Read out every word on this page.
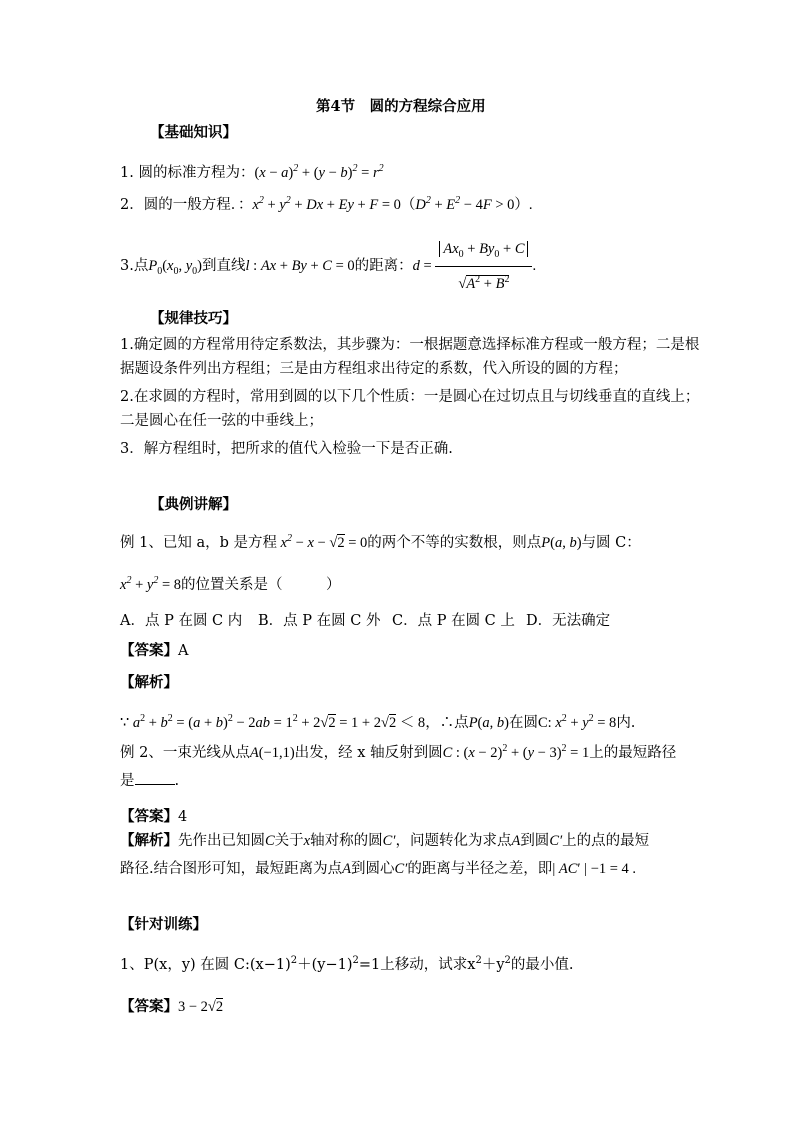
第4节　圆的方程综合应用
【基础知识】
1. 圆的标准方程为：$(x - a)^2 + (y - b)^2 = r^2$
2．圆的一般方程．：$x^2 + y^2 + Dx + Ey + F = 0(D^2 + E^2 - 4F > 0)$.
3.点$P_0(x_0$, $y_0$)到直线l : Ax + By + C = 0的距离：$d = \frac{Ax_0 + By_0 + C}{√A^2 + B^2}$ .
【规律技巧】
1.确定圆的方程常用待定系数法，其步骤为：一根据题意选择标准方程或一般方程；二是根
据题设条件列出方程组；三是由方程组求出待定的系数，代入所设的圆的方程；
2.在求圆的方程时，常用到圆的以下几个性质：一是圆心在过切点且与切线垂直的直线上；
二是圆心在任一弦的中垂线上；
3．解方程组时，把所求的值代入检验一下是否正确.
【典例讲解】
例 1、已知 a，b 是方程 $x^2 - x - √2 = 0$的两个不等的实数根，则点P(a, b)与圆 C：
$x^2 + y^2 = 8$的位置关系是（　　　）
A．点 P 在圆 C 内 B．点 P 在圆 C 外 C．点 P 在圆 C 上 D．无法确定
【答案】A
【解析】
∵ $a^2 + b^2 = (a + b)^2 - 2ab = 1^2 + 2√2 = 1 + 2√2 < 8$，∴点P(a, b)在圆C: $x^2 + y^2 = 8$内.
例 2、一束光线从点A(−1,1)出发，经 x 轴反射到圆C : $(x - 2)^2 + (y - 3)^2 = 1$上的最短路径
是	.
【答案】4
【解析】先作出已知圆C关于x轴对称的圆C′，问题转化为求点A到圆C′上的点的最短
路径.结合图形可知，最短距离为点A到圆心C′的距离与半径之差，即| AC′ | −1 = 4 .
【针对训练】
1、P(x，y) 在圆 $C:(x-1)^2+(y-1)^2=1$上移动，试求$x^2+y^2$的最小值.
【答案】3 − 2√2
